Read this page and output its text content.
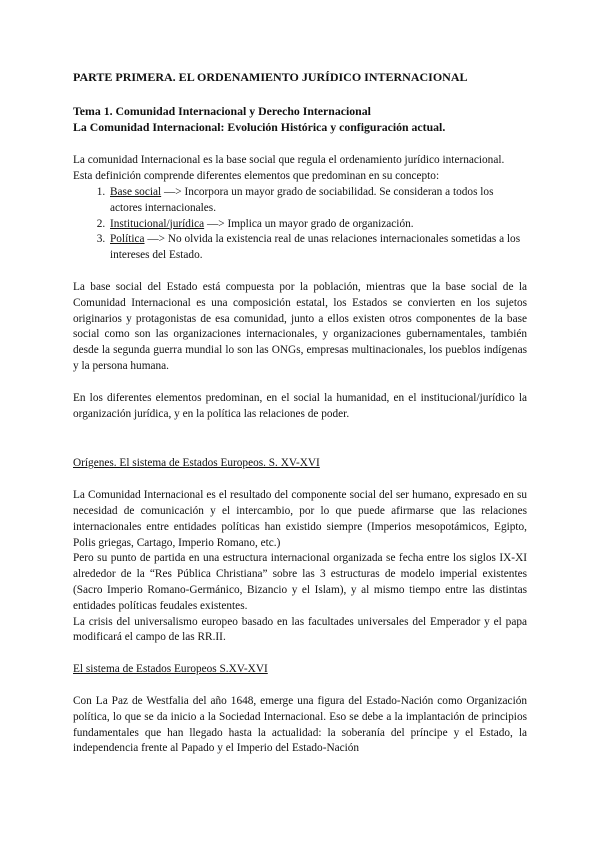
PARTE PRIMERA. EL ORDENAMIENTO JURÍDICO INTERNACIONAL

Tema 1. Comunidad Internacional y Derecho Internacional

La Comunidad Internacional: Evolución Histórica y configuración actual.

La comunidad Internacional es la base social que regula el ordenamiento jurídico internacional.

Esta definición comprende diferentes elementos que predominan en su concepto:

1. Base social —> Incorpora un mayor grado de sociabilidad. Se consideran a todos los actores internacionales.
2. Institucional/jurídica —> Implica un mayor grado de organización.
3. Política —> No olvida la existencia real de unas relaciones internacionales sometidas a los intereses del Estado.

La base social del Estado está compuesta por la población, mientras que la base social de la Comunidad Internacional es una composición estatal, los Estados se convierten en los sujetos originarios y protagonistas de esa comunidad, junto a ellos existen otros componentes de la base social como son las organizaciones internacionales, y organizaciones gubernamentales, también desde la segunda guerra mundial lo son las ONGs, empresas multinacionales, los pueblos indígenas y la persona humana.

En los diferentes elementos predominan, en el social la humanidad, en el institucional/jurídico la organización jurídica, y en la política las relaciones de poder.

Orígenes. El sistema de Estados Europeos. S. XV-XVI

La Comunidad Internacional es el resultado del componente social del ser humano, expresado en su necesidad de comunicación y el intercambio, por lo que puede afirmarse que las relaciones internacionales entre entidades políticas han existido siempre (Imperios mesopotámicos, Egipto, Polis griegas, Cartago, Imperio Romano, etc.)

Pero su punto de partida en una estructura internacional organizada se fecha entre los siglos IX-XI alrededor de la “Res Pública Christiana” sobre las 3 estructuras de modelo imperial existentes (Sacro Imperio Romano-Germánico, Bizancio y el Islam), y al mismo tiempo entre las distintas entidades políticas feudales existentes.

La crisis del universalismo europeo basado en las facultades universales del Emperador y el papa modificará el campo de las RR.II.

El sistema de Estados Europeos S.XV-XVI

Con La Paz de Westfalia del año 1648, emerge una figura del Estado-Nación como Organización política, lo que se da inicio a la Sociedad Internacional. Eso se debe a la implantación de principios fundamentales que han llegado hasta la actualidad: la soberanía del príncipe y el Estado, la independencia frente al Papado y el Imperio del Estado-Nación
